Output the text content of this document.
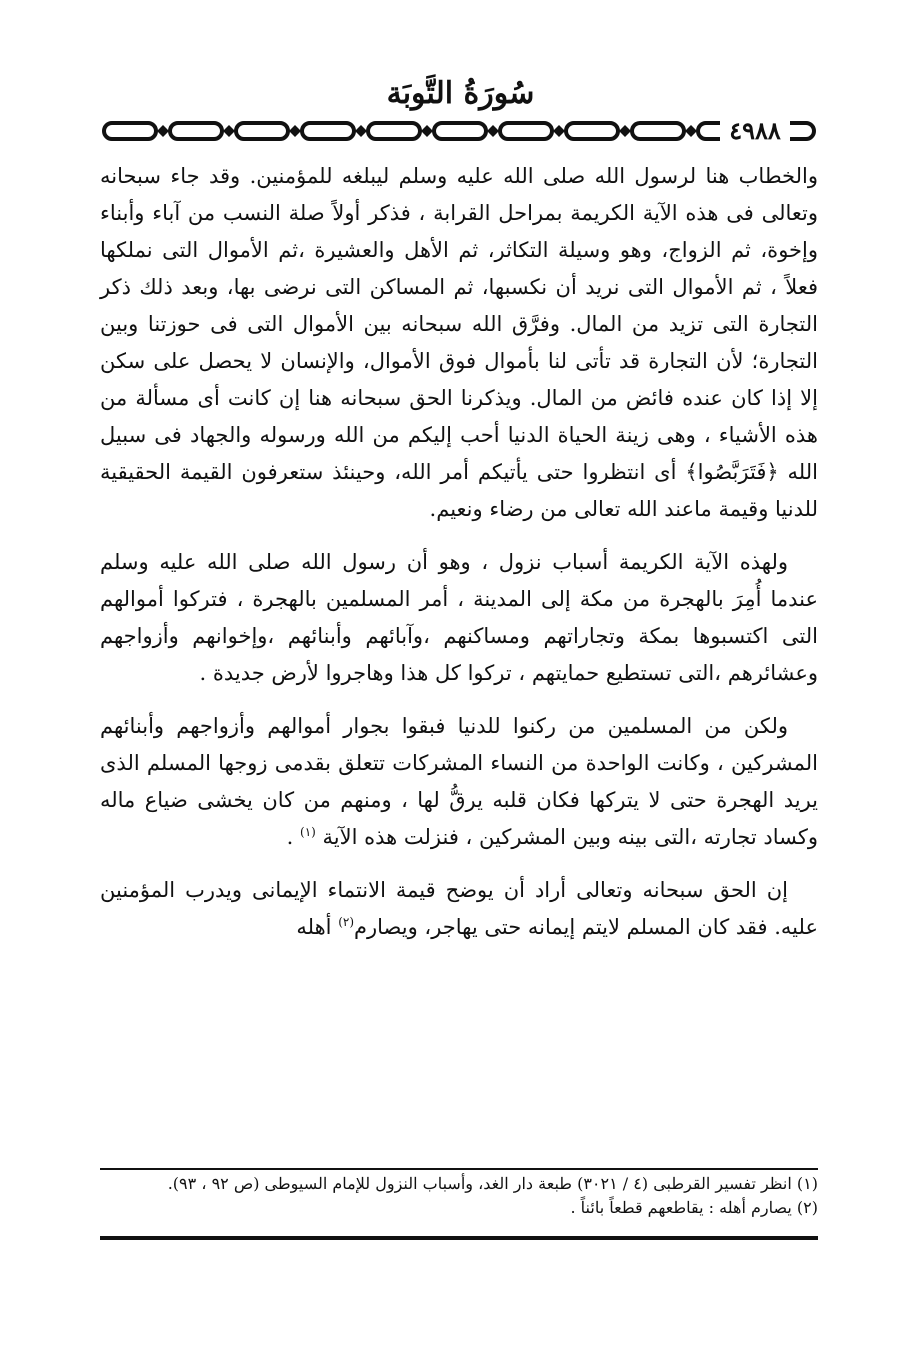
سُورَةُ التَّوبَة
٤٩٨٨

والخطاب هنا لرسول الله صلى الله عليه وسلم ليبلغه للمؤمنين. وقد جاء سبحانه وتعالى فى هذه الآية الكريمة بمراحل القرابة ، فذكر أولاً صلة النسب من آباء وأبناء وإخوة، ثم الزواج، وهو وسيلة التكاثر، ثم الأهل والعشيرة ،ثم الأموال التى نملكها فعلاً ، ثم الأموال التى نريد أن نكسبها، ثم المساكن التى نرضى بها، وبعد ذلك ذكر التجارة التى تزيد من المال. وفرَّق الله سبحانه بين الأموال التى فى حوزتنا وبين التجارة؛ لأن التجارة قد تأتى لنا بأموال فوق الأموال، والإنسان لا يحصل على سكن إلا إذا كان عنده فائض من المال. ويذكرنا الحق سبحانه هنا إن كانت أى مسألة من هذه الأشياء ، وهى زينة الحياة الدنيا أحب إليكم من الله ورسوله والجهاد فى سبيل الله ﴿فَتَرَبَّصُوا﴾ أى انتظروا حتى يأتيكم أمر الله، وحينئذ ستعرفون القيمة الحقيقية للدنيا وقيمة ماعند الله تعالى من رضاء ونعيم.

ولهذه الآية الكريمة أسباب نزول ، وهو أن رسول الله صلى الله عليه وسلم عندما أُمِرَ بالهجرة من مكة إلى المدينة ، أمر المسلمين بالهجرة ، فتركوا أموالهم التى اكتسبوها بمكة وتجاراتهم ومساكنهم ،وآبائهم وأبنائهم ،وإخوانهم وأزواجهم وعشائرهم ،التى تستطيع حمايتهم ، تركوا كل هذا وهاجروا لأرض جديدة .

ولكن من المسلمين من ركنوا للدنيا فبقوا بجوار أموالهم وأزواجهم وأبنائهم المشركين ، وكانت الواحدة من النساء المشركات تتعلق بقدمى زوجها المسلم الذى يريد الهجرة حتى لا يتركها فكان قلبه يرقُّ لها ، ومنهم من كان يخشى ضياع ماله وكساد تجارته ،التى بينه وبين المشركين ، فنزلت هذه الآية $^{(١)}$ .

إن الحق سبحانه وتعالى أراد أن يوضح قيمة الانتماء الإيمانى ويدرب المؤمنين عليه. فقد كان المسلم لايتم إيمانه حتى يهاجر، ويصارم$^{(٢)}$ أهله

(١) انظر تفسير القرطبى (٤ / ٣٠٢١) طبعة دار الغد، وأسباب النزول للإمام السيوطى (ص ٩٢ ، ٩٣).

(٢) يصارم أهله : يقاطعهم قطعاً بائناً .
